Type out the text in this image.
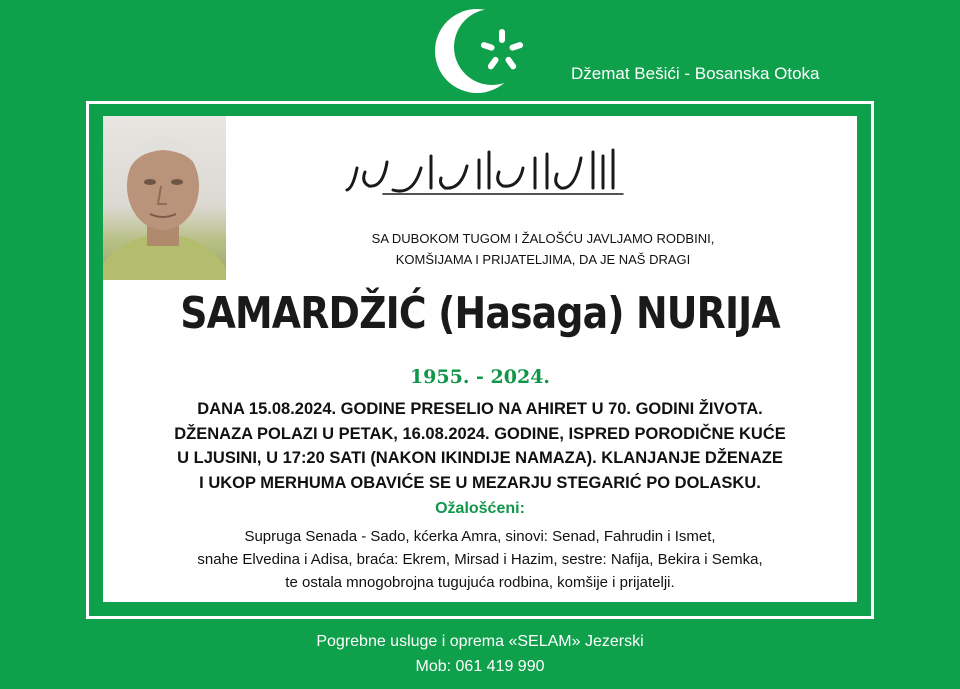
Džemat Bešići - Bosanska Otoka
إِنَّا لِلَّٰهِ وَإِنَّا إِلَيْهِ رَاجِعُونَ
SA DUBOKOM TUGOM I ŽALOŠĆU JAVLJAMO RODBINI,
KOMŠIJAMA I PRIJATELJIMA, DA JE NAŠ DRAGI
SAMARDŽIĆ (Hasaga) NURIJA
1955. - 2024.
DANA 15.08.2024. GODINE PRESELIO NA AHIRET U 70. GODINI ŽIVOTA.
DŽENAZA POLAZI U PETAK, 16.08.2024. GODINE, ISPRED PORODIČNE KUĆE
U LJUSINI, U 17:20 SATI (NAKON IKINDIJE NAMAZA). KLANJANJE DŽENAZE
I UKOP MERHUMA OBAVIĆE SE U MEZARJU STEGARIĆ PO DOLASKU.
Ožalošćeni:
Supruga Senada - Sado, kćerka Amra, sinovi: Senad, Fahrudin i Ismet,
snahe Elvedina i Adisa, braća: Ekrem, Mirsad i Hazim, sestre: Nafija, Bekira i Semka,
te ostala mnogobrojna tugujuća rodbina, komšije i prijatelji.
Pogrebne usluge i oprema «SELAM» Jezerski
Mob: 061 419 990
